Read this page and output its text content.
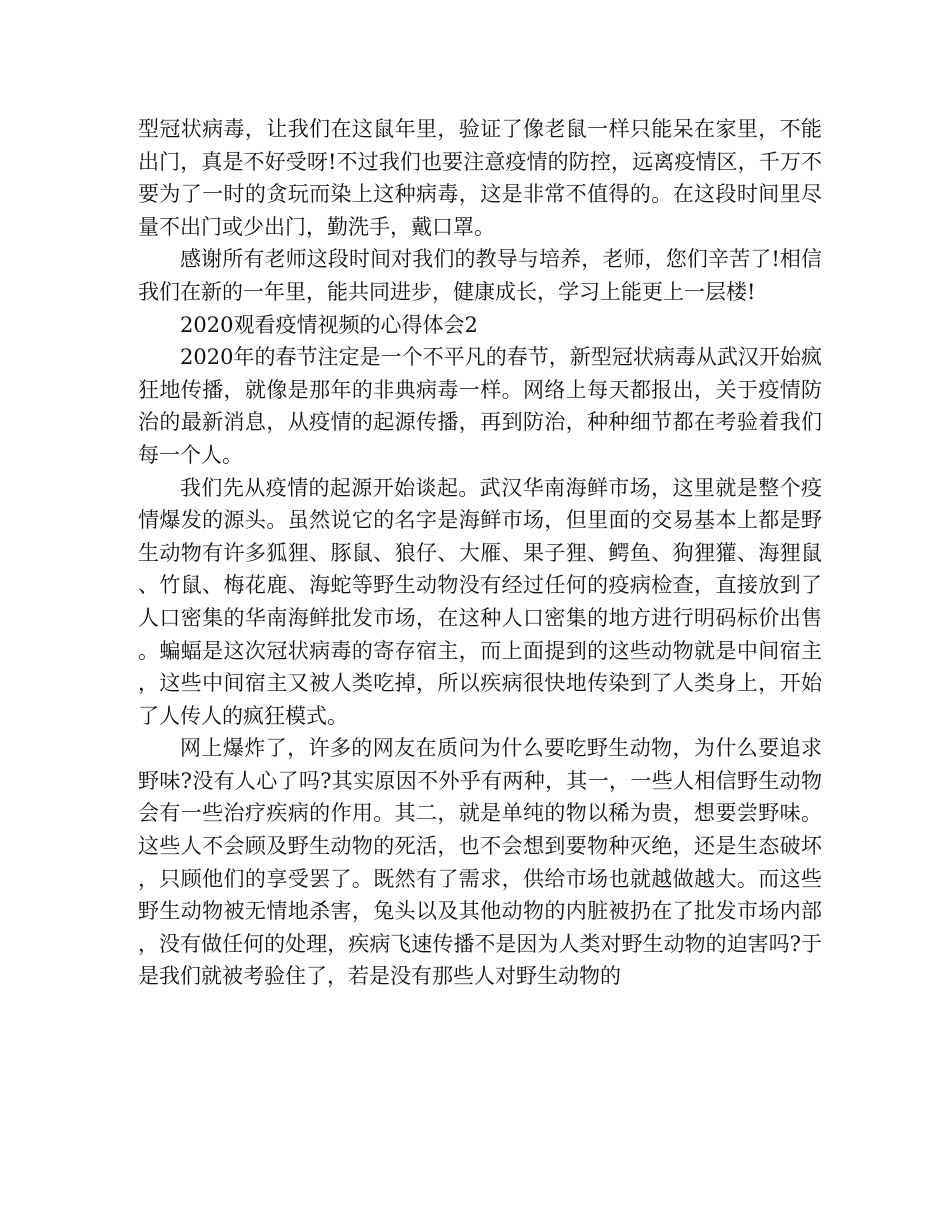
型冠状病毒，让我们在这鼠年里，验证了像老鼠一样只能呆在家里，不能出门，真是不好受呀!不过我们也要注意疫情的防控，远离疫情区，千万不要为了一时的贪玩而染上这种病毒，这是非常不值得的。在这段时间里尽量不出门或少出门，勤洗手，戴口罩。

感谢所有老师这段时间对我们的教导与培养，老师，您们辛苦了!相信我们在新的一年里，能共同进步，健康成长，学习上能更上一层楼!

2020观看疫情视频的心得体会2

2020年的春节注定是一个不平凡的春节，新型冠状病毒从武汉开始疯狂地传播，就像是那年的非典病毒一样。网络上每天都报出，关于疫情防治的最新消息，从疫情的起源传播，再到防治，种种细节都在考验着我们每一个人。

我们先从疫情的起源开始谈起。武汉华南海鲜市场，这里就是整个疫情爆发的源头。虽然说它的名字是海鲜市场，但里面的交易基本上都是野生动物有许多狐狸、豚鼠、狼仔、大雁、果子狸、鳄鱼、狗狸獾、海狸鼠、竹鼠、梅花鹿、海蛇等野生动物没有经过任何的疫病检查，直接放到了人口密集的华南海鲜批发市场，在这种人口密集的地方进行明码标价出售。蝙蝠是这次冠状病毒的寄存宿主，而上面提到的这些动物就是中间宿主，这些中间宿主又被人类吃掉，所以疾病很快地传染到了人类身上，开始了人传人的疯狂模式。

网上爆炸了，许多的网友在质问为什么要吃野生动物，为什么要追求野味?没有人心了吗?其实原因不外乎有两种，其一，一些人相信野生动物会有一些治疗疾病的作用。其二，就是单纯的物以稀为贵，想要尝野味。这些人不会顾及野生动物的死活，也不会想到要物种灭绝，还是生态破坏，只顾他们的享受罢了。既然有了需求，供给市场也就越做越大。而这些野生动物被无情地杀害，兔头以及其他动物的内脏被扔在了批发市场内部，没有做任何的处理，疾病飞速传播不是因为人类对野生动物的迫害吗?于是我们就被考验住了，若是没有那些人对野生动物的
